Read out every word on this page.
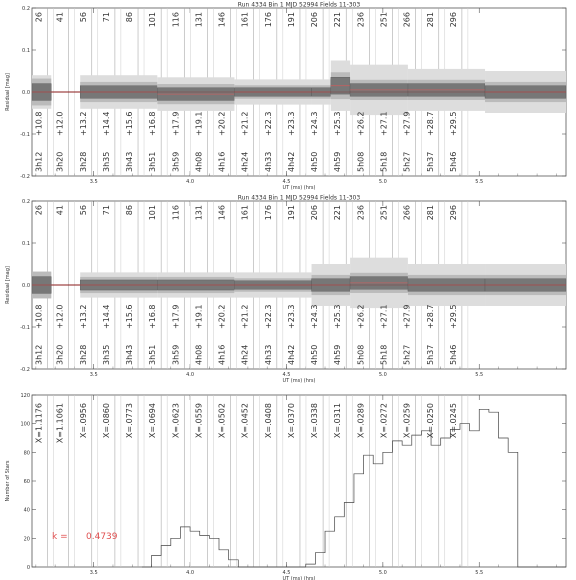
Run 4334 Bin 1 MJD 52994 Fields 11-303
-0.2
-0.1
0.0
0.1
0.2
3.5	4.0	4.5	5.0	5.5
UT (ms) (hrs)
Residual [mag]
26
3h12
+10.8
41
3h20
+12.0
56
3h28
+13.2
71
3h35
+14.4
86
3h43
+15.6
101
3h51
+16.8
116
3h59
+17.9
131
4h08
+19.1
146
4h16
+20.2
161
4h24
+21.2
176
4h33
+22.3
191
4h42
+23.3
206
4h50
+24.3
221
4h59
+25.3
236
5h08
+26.2
251
5h18
+27.1
266
5h27
+27.9
281
5h37
+28.7
296
5h46
+29.5
Run 4334 Bin 1 MJD 52994 Fields 11-303
-0.2
-0.1
0.0
0.1
0.2
3.5	4.0	4.5	5.0	5.5
UT (ms) (hrs)
Residual [mag]
26
3h12
+10.8
41
3h20
+12.0
56
3h28
+13.2
71
3h35
+14.4
86
3h43
+15.6
101
3h51
+16.8
116
3h59
+17.9
131
4h08
+19.1
146
4h16
+20.2
161
4h24
+21.2
176
4h33
+22.3
191
4h42
+23.3
206
4h50
+24.3
221
4h59
+25.3
236
5h08
+26.2
251
5h18
+27.1
266
5h27
+27.9
281
5h37
+28.7
296
5h46
+29.5
0
20
40
60
80
100
120
3.5	4.0	4.5	5.0	5.5
UT (ms) (hrs)
Number of Stars
X=1.1176 X=1.1061 X=.0956 X=.0860 X=.0773 X=.0694 X=.0623 X=.0559 X=.0502 X=.0452 X=.0408 X=.0370 X=.0338 X=.0311 X=.0289 X=.0272 X=.0259 X=.0250 X=.0245
k = 0.4739
